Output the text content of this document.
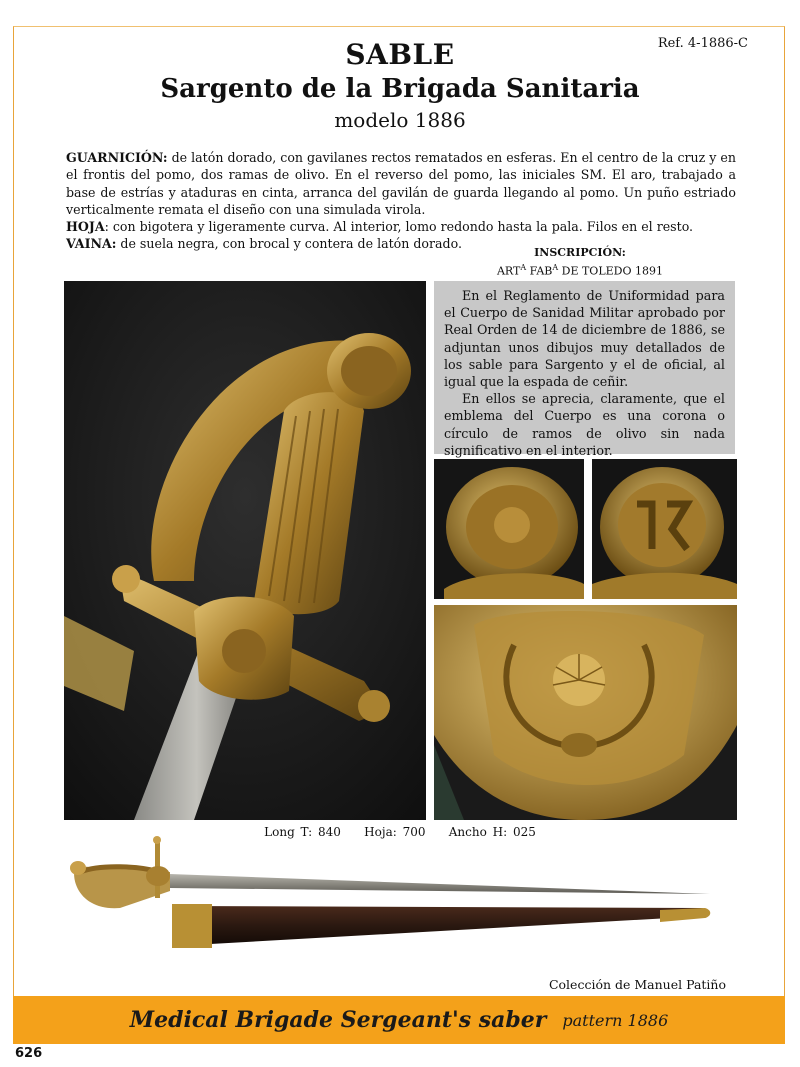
Ref. 4-1886-C
SABLE
Sargento de la Brigada Sanitaria
modelo 1886

GUARNICIÓN: de latón dorado, con gavilanes rectos rematados en esferas. En el centro de la cruz y en el frontis del pomo, dos ramas de olivo. En el reverso del pomo, las iniciales SM. El aro, trabajado a base de estrías y ataduras en cinta, arranca del gavilán de guarda llegando al pomo. Un puño estriado verticalmente remata el diseño con una simulada virola.

HOJA: con bigotera y ligeramente curva. Al interior, lomo redondo hasta la pala. Filos en el resto.

VAINA: de suela negra, con brocal y contera de latón dorado.

INSCRIPCIÓN:
$ART^A$ $FAB^A$ DE TOLEDO 1891

En el Reglamento de Uniformidad para el Cuerpo de Sanidad Militar aprobado por Real Orden de 14 de diciembre de 1886, se adjuntan unos dibujos muy detallados de los sable para Sargento y el de oficial, al igual que la espada de ceñir.

En ellos se aprecia, claramente, que el emblema del Cuerpo es una corona o círculo de ramos de olivo sin nada significativo en el interior.

Long T: 840    Hoja: 700    Ancho H: 025
Colección de Manuel Patiño
Medical Brigade Sergeant's saber pattern 1886
626
